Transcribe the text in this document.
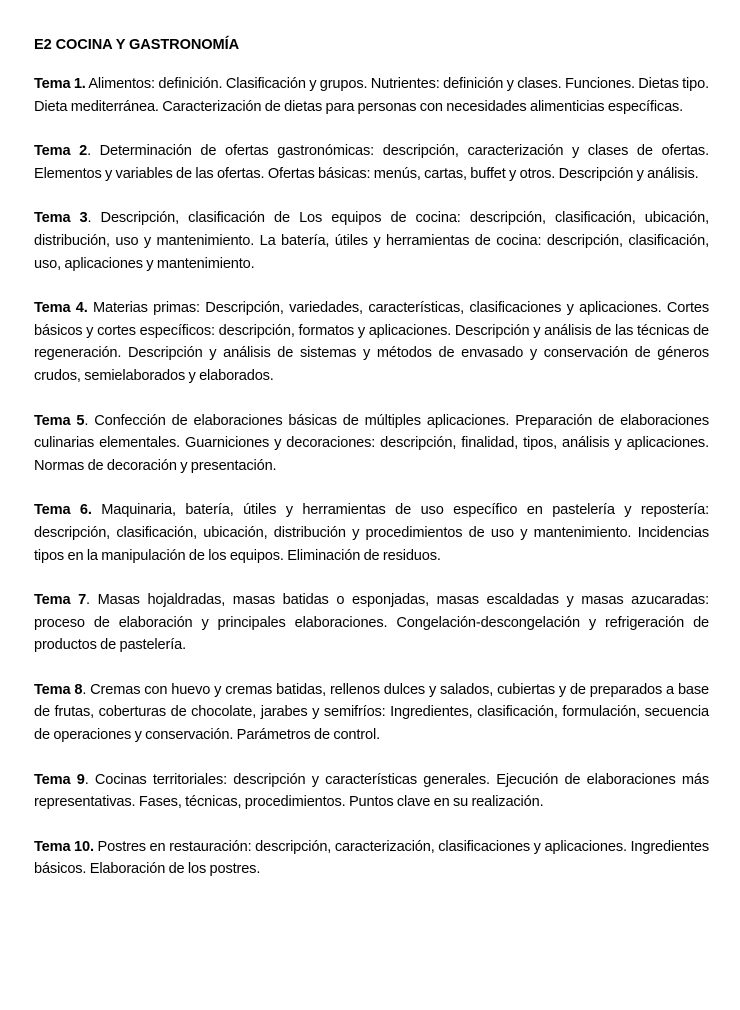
E2 COCINA Y GASTRONOMÍA

Tema 1. Alimentos: definición. Clasificación y grupos. Nutrientes: definición y clases. Funciones. Dietas tipo. Dieta mediterránea. Caracterización de dietas para personas con necesidades alimenticias específicas.

Tema 2. Determinación de ofertas gastronómicas: descripción, caracterización y clases de ofertas. Elementos y variables de las ofertas. Ofertas básicas: menús, cartas, buffet y otros. Descripción y análisis.

Tema 3. Descripción, clasificación de Los equipos de cocina: descripción, clasificación, ubicación, distribución, uso y mantenimiento. La batería, útiles y herramientas de cocina: descripción, clasificación, uso, aplicaciones y mantenimiento.

Tema 4. Materias primas: Descripción, variedades, características, clasificaciones y aplicaciones. Cortes básicos y cortes específicos: descripción, formatos y aplicaciones. Descripción y análisis de las técnicas de regeneración. Descripción y análisis de sistemas y métodos de envasado y conservación de géneros crudos, semielaborados y elaborados.

Tema 5. Confección de elaboraciones básicas de múltiples aplicaciones. Preparación de elaboraciones culinarias elementales. Guarniciones y decoraciones: descripción, finalidad, tipos, análisis y aplicaciones. Normas de decoración y presentación.

Tema 6. Maquinaria, batería, útiles y herramientas de uso específico en pastelería y repostería: descripción, clasificación, ubicación, distribución y procedimientos de uso y mantenimiento. Incidencias tipos en la manipulación de los equipos. Eliminación de residuos.

Tema 7. Masas hojaldradas, masas batidas o esponjadas, masas escaldadas y masas azucaradas: proceso de elaboración y principales elaboraciones. Congelación-descongelación y refrigeración de productos de pastelería.

Tema 8. Cremas con huevo y cremas batidas, rellenos dulces y salados, cubiertas y de preparados a base de frutas, coberturas de chocolate, jarabes y semifríos: Ingredientes, clasificación, formulación, secuencia de operaciones y conservación. Parámetros de control.

Tema 9. Cocinas territoriales: descripción y características generales. Ejecución de elaboraciones más representativas. Fases, técnicas, procedimientos. Puntos clave en su realización.

Tema 10. Postres en restauración: descripción, caracterización, clasificaciones y aplicaciones. Ingredientes básicos. Elaboración de los postres.
